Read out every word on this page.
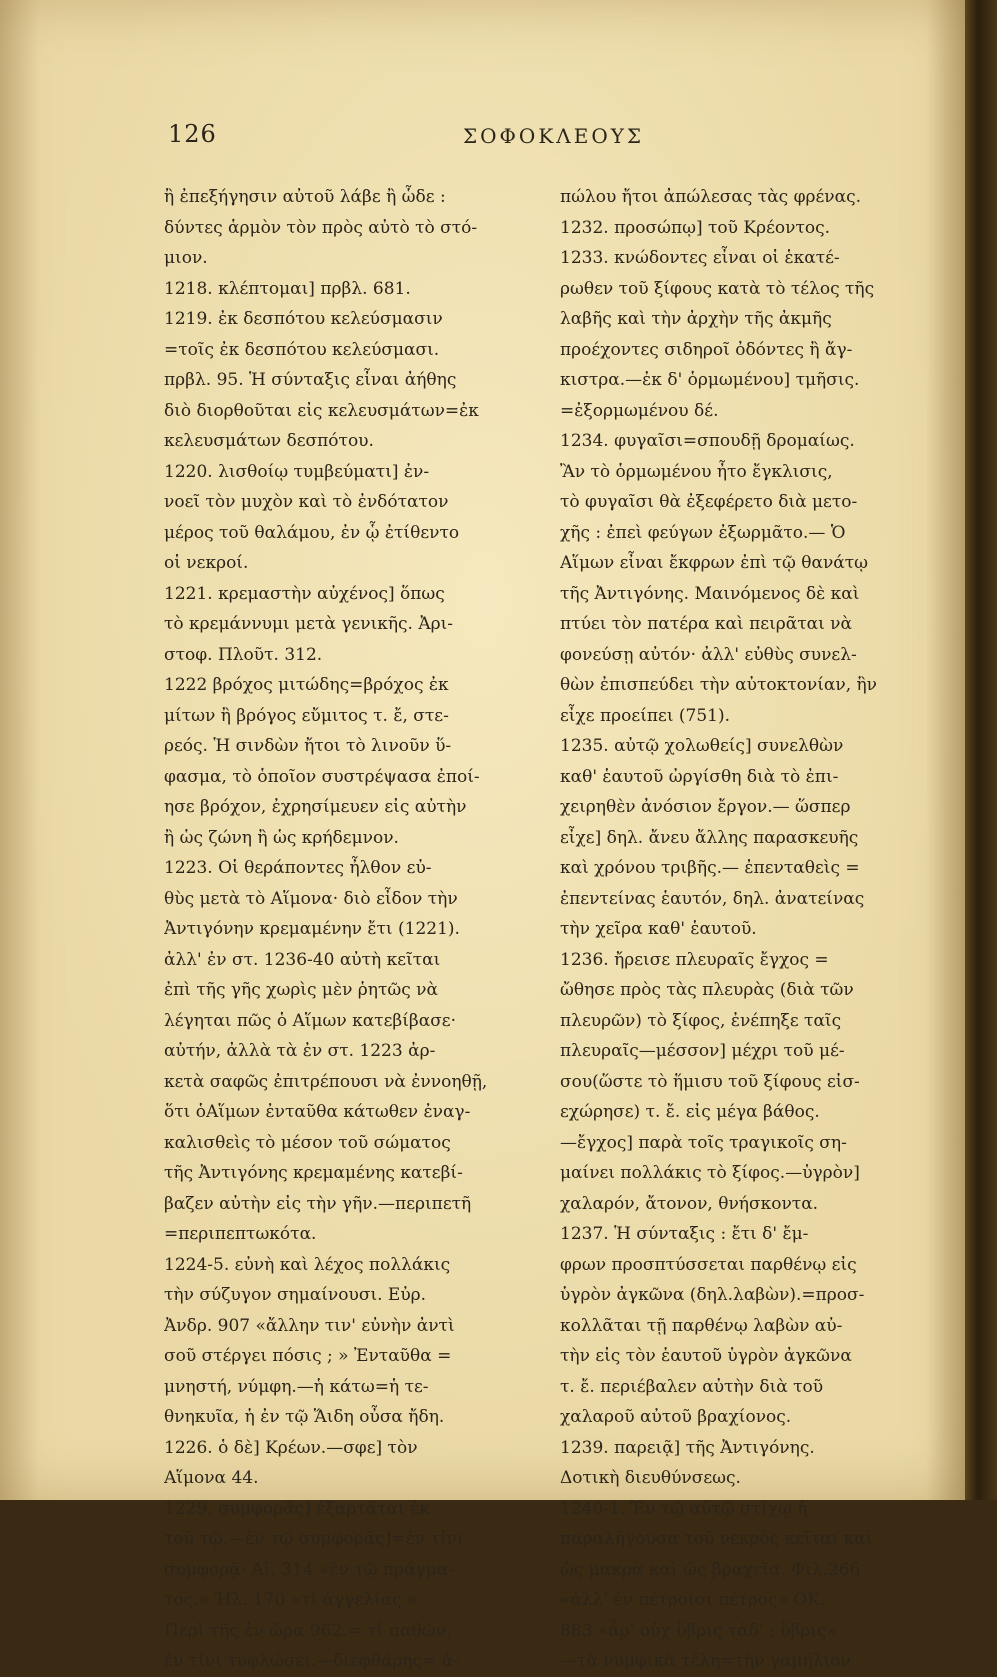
126	ΣΟΦΟΚΛΕΟΥΣ
ἢ ἐπεξήγησιν αὐτοῦ λάβε ἢ ὧδε :
δύντες ἁρμὸν τὸν πρὸς αὐτὸ τὸ στό-
μιον.
1218. κλέπτομαι] πρβλ. 681.
1219. ἐκ δεσπότου κελεύσμασιν
=τοῖς ἐκ δεσπότου κελεύσμασι.
πρβλ. 95. Ἡ σύνταξις εἶναι ἀήθης
διὸ διορθοῦται εἰς κελευσμάτων=ἐκ
κελευσμάτων δεσπότου.
1220. λισθοίῳ τυμβεύματι] ἐν-
νοεῖ τὸν μυχὸν καὶ τὸ ἐνδότατον
μέρος τοῦ θαλάμου, ἐν ᾧ ἐτίθεντο
οἱ νεκροί.
1221. κρεμαστὴν αὐχένος] ὅπως
τὸ κρεμάννυμι μετὰ γενικῆς. Ἀρι-
στοφ. Πλοῦτ. 312.
1222 βρόχος μιτώδης=βρόχος ἐκ
μίτων ἢ βρόγος εὔμιτος τ. ἔ, στε-
ρεός. Ἡ σινδὼν ἤτοι τὸ λινοῦν ὕ-
φασμα, τὸ ὁποῖον συστρέψασα ἐποί-
ησε βρόχον, ἐχρησίμευεν εἰς αὐτὴν
ἢ ὡς ζώνη ἢ ὡς κρήδεμνον.
1223. Οἱ θεράποντες ἦλθον εὐ-
θὺς μετὰ τὸ Αἵμονα· διὸ εἶδον τὴν
Ἀντιγόνην κρεμαμένην ἔτι (1221).
ἀλλ' ἐν στ. 1236-40 αὐτὴ κεῖται
ἐπὶ τῆς γῆς χωρὶς μὲν ῥητῶς νὰ
λέγηται πῶς ὁ Αἵμων κατεβίβασε·
αὐτήν, ἀλλὰ τὰ ἐν στ. 1223 ἀρ-
κετὰ σαφῶς ἐπιτρέπουσι νὰ ἐννοηθῇ,
ὅτι ὁΑἵμων ἐνταῦθα κάτωθεν ἐναγ-
καλισθεὶς τὸ μέσον τοῦ σώματος
τῆς Ἀντιγόνης κρεμαμένης κατεβί-
βαζεν αὐτὴν εἰς τὴν γῆν.—περιπετῆ
=περιπεπτωκότα.
1224-5. εὐνὴ καὶ λέχος πολλάκις
τὴν σύζυγον σημαίνουσι. Εὐρ.
Ἀνδρ. 907 «ἄλλην τιν' εὐνὴν ἀντὶ
σοῦ στέργει πόσις ; » Ἐνταῦθα =
μνηστή, νύμφη.—ἡ κάτω=ἡ τε-
θνηκυῖα, ἡ ἐν τῷ Ἅιδη οὖσα ἤδη.
1226. ὁ δὲ] Κρέων.—σφε] τὸν
Αἵμονα 44.
1229. συμφορᾶς] ἐξαρτᾶται ἐκ
τοῦ τῷ.—ἐν τῷ συμφορᾶς]=ἐν τίνι
συμφορᾷ· Αἰ. 314 «ἐν τῷ πράγμα-
τος.» Ἠλ. 170 «τί ἀγγελίας »
Περὶ τῆς ἐν ὥρα 962.= τί παθών.
ἐν τίνι τυφλώσει.—διεφθάρης= ἀ-
πώλου ἤτοι ἀπώλεσας τὰς φρένας.
1232. προσώπῳ] τοῦ Κρέοντος.
1233. κνώδοντες εἶναι οἱ ἑκατέ-
ρωθεν τοῦ ξίφους κατὰ τὸ τέλος τῆς
λαβῆς καὶ τὴν ἀρχὴν τῆς ἀκμῆς
προέχοντες σιδηροῖ ὀδόντες ἢ ἄγ-
κιστρα.—ἐκ δ' ὁρμωμένου] τμῆσις.
=ἐξορμωμένου δέ.
1234. φυγαῖσι=σπουδῇ δρομαίως.
Ἂν τὸ ὁρμωμένου ἦτο ἔγκλισις,
τὸ φυγαῖσι θὰ ἐξεφέρετο διὰ μετο-
χῆς : ἐπεὶ φεύγων ἐξωρμᾶτο.— Ὁ
Αἵμων εἶναι ἔκφρων ἐπὶ τῷ θανάτῳ
τῆς Ἀντιγόνης. Μαινόμενος δὲ καὶ
πτύει τὸν πατέρα καὶ πειρᾶται νὰ
φονεύσῃ αὐτόν· ἀλλ' εὐθὺς συνελ-
θὼν ἐπισπεύδει τὴν αὐτοκτονίαν, ἣν
εἶχε προείπει (751).
1235. αὐτῷ χολωθείς] συνελθὼν
καθ' ἑαυτοῦ ὠργίσθη διὰ τὸ ἐπι-
χειρηθὲν ἀνόσιον ἔργον.— ὥσπερ
εἶχε] δηλ. ἄνευ ἄλλης παρασκευῆς
καὶ χρόνου τριβῆς.— ἐπενταθεὶς =
ἐπεντείνας ἑαυτόν, δηλ. ἀνατείνας
τὴν χεῖρα καθ' ἑαυτοῦ.
1236. ἤρεισε πλευραῖς ἔγχος =
ὤθησε πρὸς τὰς πλευρὰς (διὰ τῶν
πλευρῶν) τὸ ξίφος, ἐνέπηξε ταῖς
πλευραῖς—μέσσον] μέχρι τοῦ μέ-
σου(ὥστε τὸ ἥμισυ τοῦ ξίφους εἰσ-
εχώρησε) τ. ἔ. εἰς μέγα βάθος.
—ἔγχος] παρὰ τοῖς τραγικοῖς ση-
μαίνει πολλάκις τὸ ξίφος.—ὑγρὸν]
χαλαρόν, ἄτονον, θνήσκοντα.
1237. Ἡ σύνταξις : ἔτι δ' ἔμ-
φρων προσπτύσσεται παρθένῳ εἰς
ὑγρὸν ἀγκῶνα (δηλ.λαβὼν).=προσ-
κολλᾶται τῇ παρθένῳ λαβὼν αὐ-
τὴν εἰς τὸν ἑαυτοῦ ὑγρὸν ἀγκῶνα
τ. ἔ. περιέβαλεν αὐτὴν διὰ τοῦ
χαλαροῦ αὐτοῦ βραχίονος.
1239. παρειᾷ] τῆς Ἀντιγόνης.
Δοτικὴ διευθύνσεως.
1240-1. Ἐν τῷ αὐτῷ στίχῳ ἡ
παραλήγουσα τοῦ νεκρὸς κεῖται καὶ
ὡς μακρὰ καὶ ὡς βραχεῖα. Φιλ.266
«ἀλλ' ἐν πέτροισι πέτρος» ΟΚ.
883 «ἆρ' οὐχ ὕβρις τάδ' ; ὕβρις»
—τὰ νυμφικὰ τέλη=τὴν γαμήλιον
